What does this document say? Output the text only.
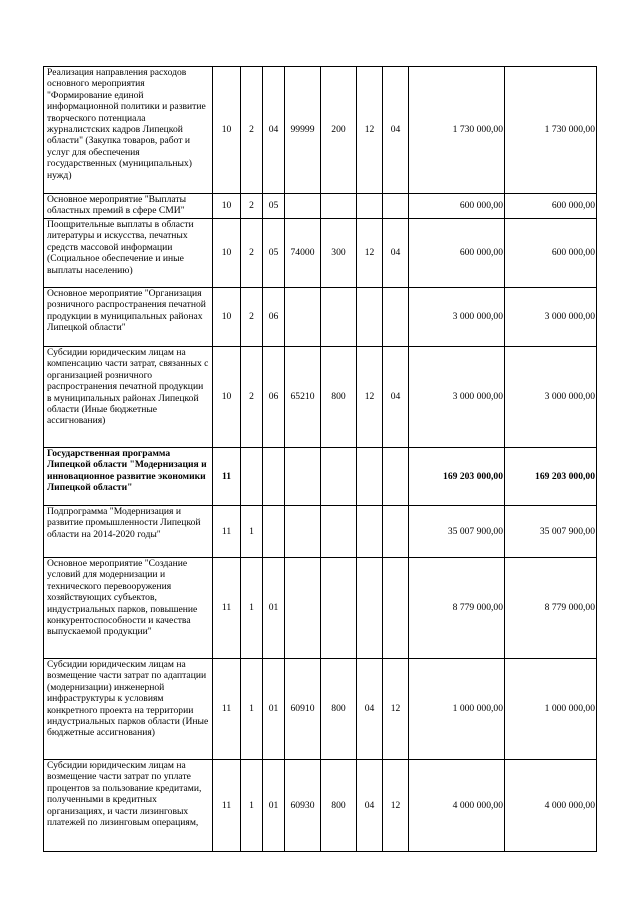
Реализация направления расходов основного мероприятия "Формирование единой информационной политики и развитие творческого потенциала журналистских кадров Липецкой области" (Закупка товаров, работ и услуг для обеспечения государственных (муниципальных) нужд)	10	2	04	99999	200	12	04	1 730 000,00	1 730 000,00
Основное мероприятие "Выплаты областных премий в сфере СМИ"	10	2	05					600 000,00	600 000,00
Поощрительные выплаты в области литературы и искусства, печатных средств массовой информации (Социальное обеспечение и иные выплаты населению)	10	2	05	74000	300	12	04	600 000,00	600 000,00
Основное мероприятие "Организация розничного распространения печатной продукции в муниципальных районах Липецкой области"	10	2	06					3 000 000,00	3 000 000,00
Субсидии юридическим лицам на компенсацию части затрат, связанных с организацией розничного распространения печатной продукции в муниципальных районах Липецкой области (Иные бюджетные ассигнования)	10	2	06	65210	800	12	04	3 000 000,00	3 000 000,00
Государственная программа Липецкой области "Модернизация и инновационное развитие экономики Липецкой области"	11							169 203 000,00	169 203 000,00
Подпрограмма "Модернизация и развитие промышленности Липецкой области на 2014-2020 годы"	11	1						35 007 900,00	35 007 900,00
Основное мероприятие "Создание условий для модернизации и технического перевооружения хозяйствующих субъектов, индустриальных парков, повышение конкурентоспособности и качества выпускаемой продукции"	11	1	01					8 779 000,00	8 779 000,00
Субсидии юридическим лицам на возмещение части затрат по адаптации (модернизации) инженерной инфраструктуры к условиям конкретного проекта на территории индустриальных парков области (Иные бюджетные ассигнования)	11	1	01	60910	800	04	12	1 000 000,00	1 000 000,00
Субсидии юридическим лицам на возмещение части затрат по уплате процентов за пользование кредитами, полученными в кредитных организациях, и части лизинговых платежей по лизинговым операциям,	11	1	01	60930	800	04	12	4 000 000,00	4 000 000,00
